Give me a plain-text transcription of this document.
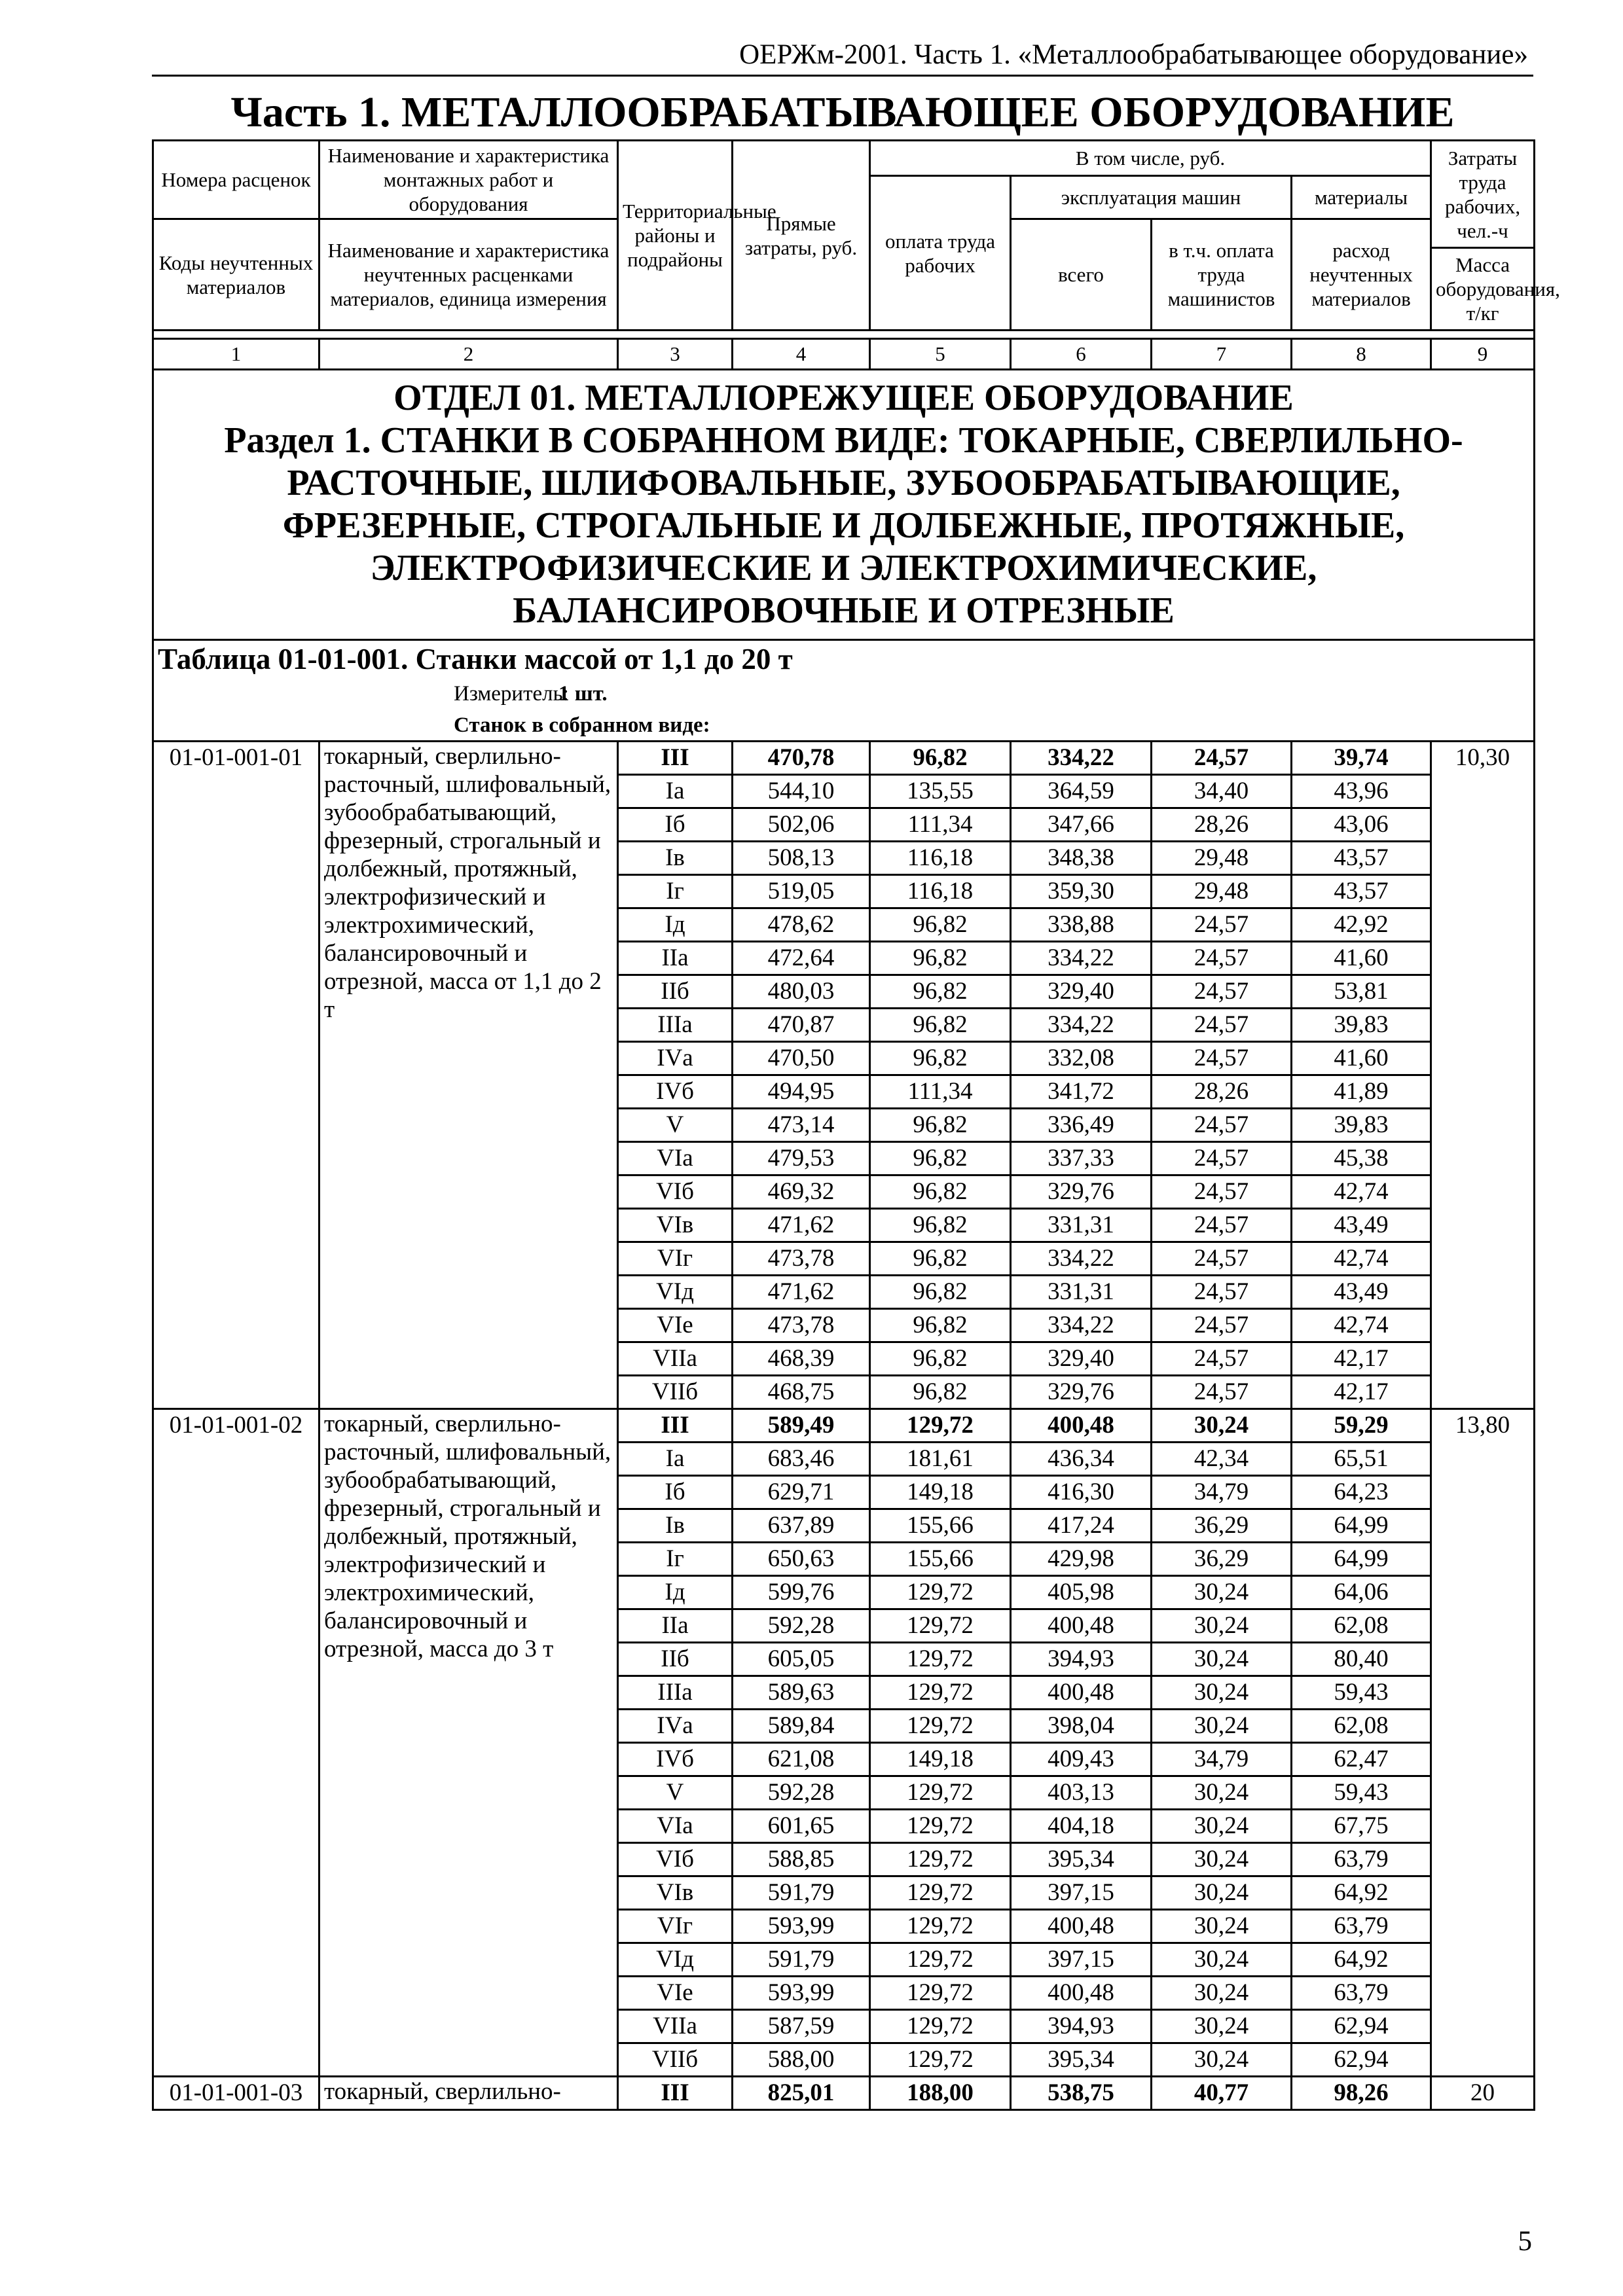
ОЕРЖм-2001. Часть 1. «Металлообрабатывающее оборудование»
Часть 1. МЕТАЛЛООБРАБАТЫВАЮЩЕЕ ОБОРУДОВАНИЕ
Номера расценок	Наименование и характеристика монтажных работ и оборудования	Территориальные районы и подрайоны	Прямые затраты, руб.	В том числе, руб.				Затраты труда рабочих, чел.-ч
				оплата труда рабочих	эксплуатация машин		материалы	
Коды неучтенных материалов	Наименование и характеристика неучтенных расценками материалов, единица измерения				всего	в т.ч. оплата труда машинистов	расход неучтенных материалов	
								Масса оборудования, т/кг

1	2	3	4	5	6	7	8	9

ОТДЕЛ 01. МЕТАЛЛОРЕЖУЩЕЕ ОБОРУДОВАНИЕ
Раздел 1. СТАНКИ В СОБРАННОМ ВИДЕ: ТОКАРНЫЕ, СВЕРЛИЛЬНО-РАСТОЧНЫЕ, ШЛИФОВАЛЬНЫЕ, ЗУБООБРАБАТЫВАЮЩИЕ, ФРЕЗЕРНЫЕ, СТРОГАЛЬНЫЕ И ДОЛБЕЖНЫЕ, ПРОТЯЖНЫЕ, ЭЛЕКТРОФИЗИЧЕСКИЕ И ЭЛЕКТРОХИМИЧЕСКИЕ, БАЛАНСИРОВОЧНЫЕ И ОТРЕЗНЫЕ								

Таблица 01-01-001. Станки массой от 1,1 до 20 т								
Измеритель:1 шт.								
Станок в собранном виде:								
01-01-001-01	токарный, сверлильно-расточный, шлифовальный, зубообрабатывающий, фрезерный, строгальный и долбежный, протяжный, электрофизический и электрохимический, балансировочный и отрезной, масса от 1,1 до 2 т	III	470,78	96,82	334,22	24,57	39,74	10,30
		Iа	544,10	135,55	364,59	34,40	43,96	
		Iб	502,06	111,34	347,66	28,26	43,06	
		Iв	508,13	116,18	348,38	29,48	43,57	
		Iг	519,05	116,18	359,30	29,48	43,57	
		Iд	478,62	96,82	338,88	24,57	42,92	
		IIа	472,64	96,82	334,22	24,57	41,60	
		IIб	480,03	96,82	329,40	24,57	53,81	
		IIIа	470,87	96,82	334,22	24,57	39,83	
		IVа	470,50	96,82	332,08	24,57	41,60	
		IVб	494,95	111,34	341,72	28,26	41,89	
		V	473,14	96,82	336,49	24,57	39,83	
		VIа	479,53	96,82	337,33	24,57	45,38	
		VIб	469,32	96,82	329,76	24,57	42,74	
		VIв	471,62	96,82	331,31	24,57	43,49	
		VIг	473,78	96,82	334,22	24,57	42,74	
		VIд	471,62	96,82	331,31	24,57	43,49	
		VIе	473,78	96,82	334,22	24,57	42,74	
		VIIа	468,39	96,82	329,40	24,57	42,17	
		VIIб	468,75	96,82	329,76	24,57	42,17	
01-01-001-02	токарный, сверлильно-расточный, шлифовальный, зубообрабатывающий, фрезерный, строгальный и долбежный, протяжный, электрофизический и электрохимический, балансировочный и отрезной, масса до 3 т	III	589,49	129,72	400,48	30,24	59,29	13,80
		Iа	683,46	181,61	436,34	42,34	65,51	
		Iб	629,71	149,18	416,30	34,79	64,23	
		Iв	637,89	155,66	417,24	36,29	64,99	
		Iг	650,63	155,66	429,98	36,29	64,99	
		Iд	599,76	129,72	405,98	30,24	64,06	
		IIа	592,28	129,72	400,48	30,24	62,08	
		IIб	605,05	129,72	394,93	30,24	80,40	
		IIIа	589,63	129,72	400,48	30,24	59,43	
		IVа	589,84	129,72	398,04	30,24	62,08	
		IVб	621,08	149,18	409,43	34,79	62,47	
		V	592,28	129,72	403,13	30,24	59,43	
		VIа	601,65	129,72	404,18	30,24	67,75	
		VIб	588,85	129,72	395,34	30,24	63,79	
		VIв	591,79	129,72	397,15	30,24	64,92	
		VIг	593,99	129,72	400,48	30,24	63,79	
		VIд	591,79	129,72	397,15	30,24	64,92	
		VIе	593,99	129,72	400,48	30,24	63,79	
		VIIа	587,59	129,72	394,93	30,24	62,94	
		VIIб	588,00	129,72	395,34	30,24	62,94	
01-01-001-03	токарный, сверлильно-	III	825,01	188,00	538,75	40,77	98,26	20
5
